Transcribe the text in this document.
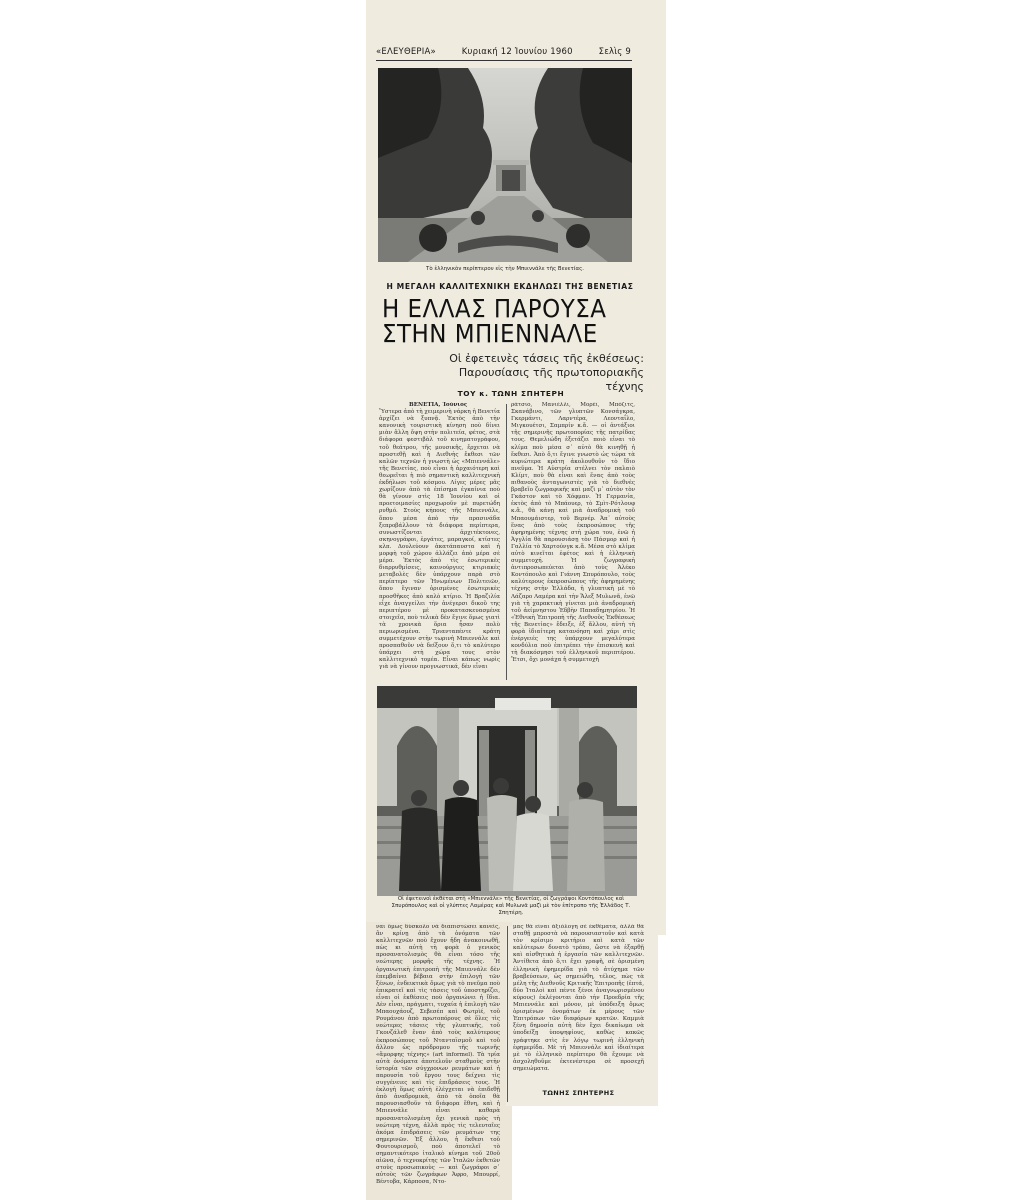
«ΕΛΕΥΘΕΡΙΑ»	Κυριακή 12 Ἰουνίου 1960	Σελὶς 9
Τὸ ἑλληνικὸν περίπτερον εἰς τὴν Μπιεννάλε τῆς Βενετίας.
Η ΜΕΓΑΛΗ ΚΑΛΛΙΤΕΧΝΙΚΗ ΕΚΔΗΛΩΣΙ ΤΗΣ ΒΕΝΕΤΙΑΣ
Η ΕΛΛΑΣ ΠΑΡΟΥΣΑ
ΣΤΗΝ ΜΠΙΕΝΝΑΛΕ
Οἱ ἐφετεινὲς τάσεις τῆς ἐκθέσεως: Παρουσίασις τῆς πρωτοποριακῆς τέχνης
ΤΟΥ κ. ΤΩΝΗ ΣΠΗΤΕΡΗ
ΒΕΝΕΤΙΑ, Ἰούνιος
Ὕστερα ἀπὸ τὴ χειμερινὴ νάρκη ἡ Βενετία ἀρχίζει νὰ ξυπνᾷ. Ἐκτὸς ἀπὸ τὴν κανονικὴ τουριστικὴ κίνηση ποὺ δίνει μιὰν ἄλλη ὄψη στὴν πολιτεία, φέτος, στὰ διάφορα φεστιβὰλ τοῦ κινηματογράφου, τοῦ θεάτρου, τῆς μουσικῆς, ἔρχεται νὰ προστεθῇ καὶ ἡ Διεθνὴς ἔκθεσι τῶν καλῶν τεχνῶν ἡ γνωστὴ ὡς «Μπιεννάλε» τῆς Βενετίας, ποὺ εἶναι ἡ ἀρχαιότερη καὶ θεωρεῖται ἡ πιὸ σημαντικὴ καλλιτεχνικὴ ἐκδήλωσι τοῦ κόσμου. Λίγες μέρες μᾶς χωρίζουν ἀπὸ τὰ ἐπίσημα ἐγκαίνια ποὺ θὰ γίνουν στὶς 18 Ἰουνίου καὶ οἱ προετοιμασίες προχωροῦν μὲ πυρετώδη ρυθμό. Στοὺς κήπους τῆς Μπιεννάλε, ὅπου μέσα ἀπὸ τὴν πρασινάδα ξεπροβάλλουν τὰ διάφορα περίπτερα, συνωστίζονται ἀρχιτέκτονες, σκηνογράφοι, ἐργάτες, μαραγκοί, κτίστες κλπ. Δουλεύουν ἀκατάπαυστα καὶ ἡ μορφὴ τοῦ χώρου ἀλλάζει ἀπὸ μέρα σὲ μέρα. Ἐκτὸς ἀπὸ τὶς ἐσωτερικὲς διαρρυθμίσεις, καινούργιες κτιριακὲς μεταβολὲς δὲν ὑπάρχουν παρὰ στὸ περίπτερο τῶν Ἡνωμένων Πολιτειῶν, ὅπου ἔγιναν ὁρισμένες ἐσωτερικὲς προσθῆκες ἀπὸ καλὸ κτίριο. Ἡ Βραζιλία εἶχε ἀναγγείλει τὴν ἀνέγερσι δικοῦ της περιπτέρου μὲ προκατασκευασμένα στοιχεῖα, ποὺ τελικὰ δὲν ἔγινε ὅμως γιατὶ τὰ χρονικὰ ὅρια ἦσαν πολὺ περιωρισμένα. Τριανταπέντε κράτη συμμετέχουν στὴν τωρινὴ Μπιεννάλε καὶ προσπαθοῦν νὰ δείξουν ὅ,τι τὸ καλύτερο ὑπάρχει στὴ χώρα τους στὸν καλλιτεχνικὸ τομέα. Εἶναι κάπως νωρὶς γιὰ νὰ γίνουν προγνωστικά, δὲν εἶναι
ράτσιο, Μανιέλλι, Μορέϊ, Μπὸζιτς, Σκανάβινο, τῶν γλυπτῶν Κονσάγκρα, Γκερμάντι, Λαρντέρα, Λεονταΐλο, Μιγκουέτσι, Σαμπρίν κ.ἄ. — οἱ ἀντάξιοι τῆς σημερινῆς πρωτοπορίας τῆς πατρίδας τους. Θεμελιώδη ἐξετάζει ποιὸ εἶναι τὸ κλίμα ποὺ μέσα σ᾽ αὐτὸ θὰ κινηθῇ ἡ ἔκθεσι. Ἀπὸ ὅ,τι ἔγινε γνωστὸ ὡς τώρα τὰ κυριώτερα κράτη ἀκολουθοῦν τὸ ἴδιο πνεῦμα. Ἡ Αὐστρία στέλνει τὸν παλαιὸ Κλίμτ, ποὺ θὰ εἶναι καὶ ἕνας ἀπὸ τοὺς πιθανοὺς ἀνταγωνιστὲς γιὰ τὸ διεθνὲς βραβεῖο ζωγραφικῆς καὶ μαζὶ μ᾽ αὐτὸν τὸν Γκάστον καὶ τὸ Χόφμαν. Ἡ Γερμανία, ἐκτὸς ἀπὸ τὸ Μπάουερ, τὸ Σμὶτ-Ρότλουφ κ.ἄ., θὰ κάνῃ καὶ μιὰ ἀναδρομικὴ τοῦ Μπαουμάιστερ, τοῦ Βερνέρ. Ἀπ᾽ αὐτοὺς ἕνας ἀπὸ τοὺς ἐκπροσώπους τῆς ἀφηρημένης τέχνης στὴ χώρα του, ἐνῶ ἡ Ἀγγλία θὰ παρουσιάσῃ τὸν Πάσμορ καὶ ἡ Γαλλία τὸ Χαρτούνγκ κ.ἄ. Μέσα στὸ κλίμα αὐτὸ κινεῖται ἐφέτος καὶ ἡ ἑλληνικὴ συμμετοχή. Ἡ ζωγραφικὴ ἀντιπροσωπεύεται ἀπὸ τοὺς Ἀλέκο Κοντόπουλο καὶ Γιάννη Σπυρόπουλο, τοὺς καλύτερους ἐκπροσώπους τῆς ἀφηρημένης τέχνης στὴν Ἑλλάδα, ἡ γλυπτικὴ μὲ τὸ Λάζαρο Λαμέρα καὶ τὴν Ἄλεξ Μυλωνᾶ, ἐνῶ γιὰ τὴ χαρακτικὴ γίνεται μιὰ ἀναδρομικὴ τοῦ ἀείμνηστου Ἐδβὴν Παπαδημητρίου. Ἡ «Ἐθνικὴ Ἐπιτροπὴ τῆς Διεθνοῦς Ἐκθέσεως τῆς Βενετίας» ἔδειξε, ἐξ ἄλλου, αὐτὴ τὴ φορὰ ἰδιαίτερη κατανόηση καὶ χάρι στὶς ἐνέργειές της ὑπάρχουν μεγαλύτερα κονδύλια ποὺ ἐπιτρέπει τὴν ἐπισκευὴ καὶ τὴ διακόσμησι τοῦ ἑλληνικοῦ περιπτέρου. Ἔτσι, ὄχι μονάχα ἡ συμμετοχὴ
Οἱ ἐφετεινοὶ ἐκθέται στὴ «Μπιεννάλε» τῆς Βενετίας, οἱ ζωγράφοι Κοντόπουλος καὶ Σπυρόπουλος καὶ οἱ γλύπτες Λαμέρας καὶ Μυλωνᾶ μαζὶ μὲ τὸν ἐπίτροπο τῆς Ἑλλάδος Τ. Σπητέρη.
ναι ὅμως δύσκολο νὰ διαπιστώσει κανείς, ἂν κρίνῃ ἀπὸ τὰ ὀνόματα τῶν καλλιτεχνῶν ποὺ ἔχουν ἤδη ἀνακοινωθῆ, πὼς κι αὐτὴ τὴ φορὰ ὁ γενικὸς προσανατολισμὸς θὰ εἶναι τόσο τῆς νεώτερης μορφῆς τῆς τέχνης. Ἡ ὀργανωτικὴ ἐπιτροπὴ τῆς Μπιεννάλε δὲν ἐπεμβαίνει βέβαια στὴν ἐπιλογὴ τῶν ξένων, ἐνδεικτικὰ ὅμως γιὰ τὸ πνεῦμα ποὺ ἐπικρατεῖ καὶ τὶς τάσεις τοῦ ὑποστηρίζει, εἶναι οἱ ἐκθέσεις ποὺ ὀργανώνει ἡ ἴδια. Δὲν εἶναι, πράγματι, τυχαία ἡ ἐπιλογὴ τῶν Μπαουχάουζ, Σεβεσέπ καὶ Φωτρὶέ, τοῦ Ρουμάνου ἀπὸ πρωτοπόρους σὲ ὅλες τὶς νεώτερες τάσεις τῆς γλυπτικῆς, τοῦ Γκονζάλεθ ἕναν ἀπὸ τοὺς καλύτερους ἐκπροσώπους τοῦ Ντανταϊσμοῦ καὶ τοῦ ἄλλου ὡς πρόδρομου τῆς τωρινῆς «ἄμορφης τέχνης» (art informel). Τὰ τρία αὐτὰ ὀνόματα ἀποτελοῦν σταθμοὺς στὴν ἱστορία τῶν σύγχρονων ρευμάτων καὶ ἡ παρουσία τοῦ ἔργου τους δείχνει τὶς συγγένειες καὶ τὶς ἐπιδράσεις τους. Ἡ ἐκλογὴ ὅμως αὐτὴ ἐλέγχεται νὰ ἐπιδεθῇ ἀπὸ ἀναδρομικὰ, ἀπὸ τὰ ὁποῖα θὰ παρουσιασθοῦν τὰ διάφορα ἔθνη, καὶ ἡ Μπιεννάλε εἶναι καθαρὰ προσανατολισμένη ὄχι γενικὰ πρὸς τὴ νεώτερη τέχνη, ἀλλὰ πρὸς τὶς τελευταῖες ἀκόμα ἐπιδράσεις τῶν ρευμάτων της σημερινῶν. Ἐξ ἄλλου, ἡ ἔκθεσι τοῦ Φουτουρισμοῦ, ποὺ ἀποτελεῖ τὸ σημαντικότερο ἰταλικὸ κίνημα τοῦ 20οῦ αἰῶνα, ὁ τεχνοκρίτης τῶν Ἰταλῶν ἐκθετῶν στοὺς προσωπικοὺς — καὶ ζωγράφοι σ᾽ αὐτοὺς τῶν ζωγράφων Ἀφρο, Μπουρρί, Βέντοβα, Κάρποσα, Ντο-
μας θὰ εἶναι ἀξιόλογη σὲ ἐκθέματα, ἀλλὰ θὰ σταθῇ μπροστὰ νὰ παρουσιαστοῦν καὶ κατὰ τὸν κρίσιμο κριτήριο καὶ κατὰ τῶν καλύτερων δυνατὸ τρόπο, ὥστε νὰ ἐξαρθῇ καὶ αἰσθητικὰ ἡ ἐργασία τῶν καλλιτεχνῶν. Ἀντίθετα ἀπὸ ὅ,τι ἔχει γραφῆ, σὲ ὁρισμένη ἑλληνικὴ ἐφημερίδα γιὰ τὸ ἀτύχημα τῶν βραβεύσεων, ὡς σημειώθη, τέλος, πὼς τὰ μέλη τῆς Διεθνοῦς Κριτικῆς Ἐπιτροπῆς (ἑπτά, δύο Ἰταλοὶ καὶ πέντε ξένοι ἀναγνωρισμένου κύρους) ἐκλέγονται ἀπὸ τὴν Προεδρία τῆς Μπιεννάλε καὶ μόνον, μὲ ὑπόδειξη ὅμως ὁρισμένων ὀνομάτων ἐκ μέρους τῶν Ἐπιτρόπων τῶν διαφόρων κρατῶν. Καμμιὰ ξένη δημοσία αὐτὴ δὲν ἔχει δικαίωμα νὰ ὑποδείξῃ ὑποψηφίους, καθὼς κακῶς γράφτηκε στὶς ἐν λόγῳ τωρινὴ ἑλληνικὴ ἐφημερίδα. Μὲ τὴ Μπιεννάλε καὶ ἰδιαίτερα μὲ τὸ ἑλληνικὸ περίπτερο θὰ ἔχουμε νὰ ἀσχοληθοῦμε ἐκτενέστερα σὲ προσεχῆ σημειώματα.
ΤΩΝΗΣ ΣΠΗΤΕΡΗΣ
